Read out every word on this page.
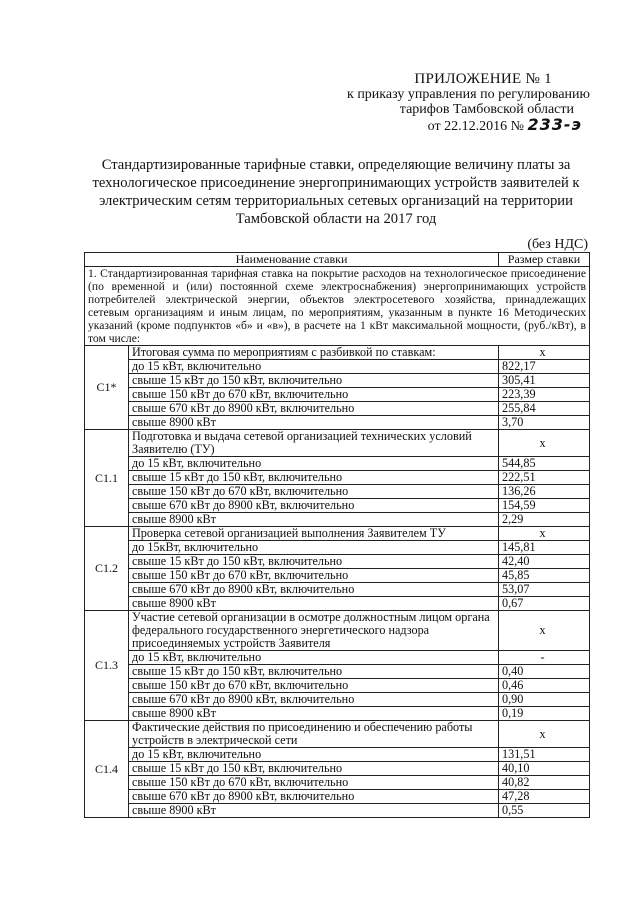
ПРИЛОЖЕНИЕ № 1
к приказу управления по регулированию
тарифов Тамбовской области
от 22.12.2016 № 233-э
Стандартизированные тарифные ставки, определяющие величину платы за технологическое присоединение энергопринимающих устройств заявителей к электрическим сетям территориальных сетевых организаций на территории Тамбовской области на 2017 год
(без НДС)
Наименование ставки		Размер ставки
1. Стандартизированная тарифная ставка на покрытие расходов на технологическое присоединение (по временной и (или) постоянной схеме электроснабжения) энергопринимающих устройств потребителей электрической энергии, объектов электросетевого хозяйства, принадлежащих сетевым организациям и иным лицам, по мероприятиям, указанным в пункте 16 Методических указаний (кроме подпунктов «б» и «в»), в расчете на 1 кВт максимальной мощности, (руб./кВт), в том числе:		
C1*	Итоговая сумма по мероприятиям с разбивкой по ставкам:	х
	до 15 кВт, включительно	822,17
	свыше 15 кВт до 150 кВт, включительно	305,41
	свыше 150 кВт до 670 кВт, включительно	223,39
	свыше 670 кВт до 8900 кВт, включительно	255,84
	свыше 8900 кВт	3,70
C1.1	Подготовка и выдача сетевой организацией технических условий Заявителю (ТУ)	х
	до 15 кВт, включительно	544,85
	свыше 15 кВт до 150 кВт, включительно	222,51
	свыше 150 кВт до 670 кВт, включительно	136,26
	свыше 670 кВт до 8900 кВт, включительно	154,59
	свыше 8900 кВт	2,29
C1.2	Проверка сетевой организацией выполнения Заявителем ТУ	х
	до 15кВт, включительно	145,81
	свыше 15 кВт до 150 кВт, включительно	42,40
	свыше 150 кВт до 670 кВт, включительно	45,85
	свыше 670 кВт до 8900 кВт, включительно	53,07
	свыше 8900 кВт	0,67
C1.3	Участие сетевой организации в осмотре должностным лицом органа федерального государственного энергетического надзора присоединяемых устройств Заявителя	х
	до 15 кВт, включительно	-
	свыше 15 кВт до 150 кВт, включительно	0,40
	свыше 150 кВт до 670 кВт, включительно	0,46
	свыше 670 кВт до 8900 кВт, включительно	0,90
	свыше 8900 кВт	0,19
C1.4	Фактические действия по присоединению и обеспечению работы устройств в электрической сети	х
	до 15 кВт, включительно	131,51
	свыше 15 кВт до 150 кВт, включительно	40,10
	свыше 150 кВт до 670 кВт, включительно	40,82
	свыше 670 кВт до 8900 кВт, включительно	47,28
	свыше 8900 кВт	0,55
